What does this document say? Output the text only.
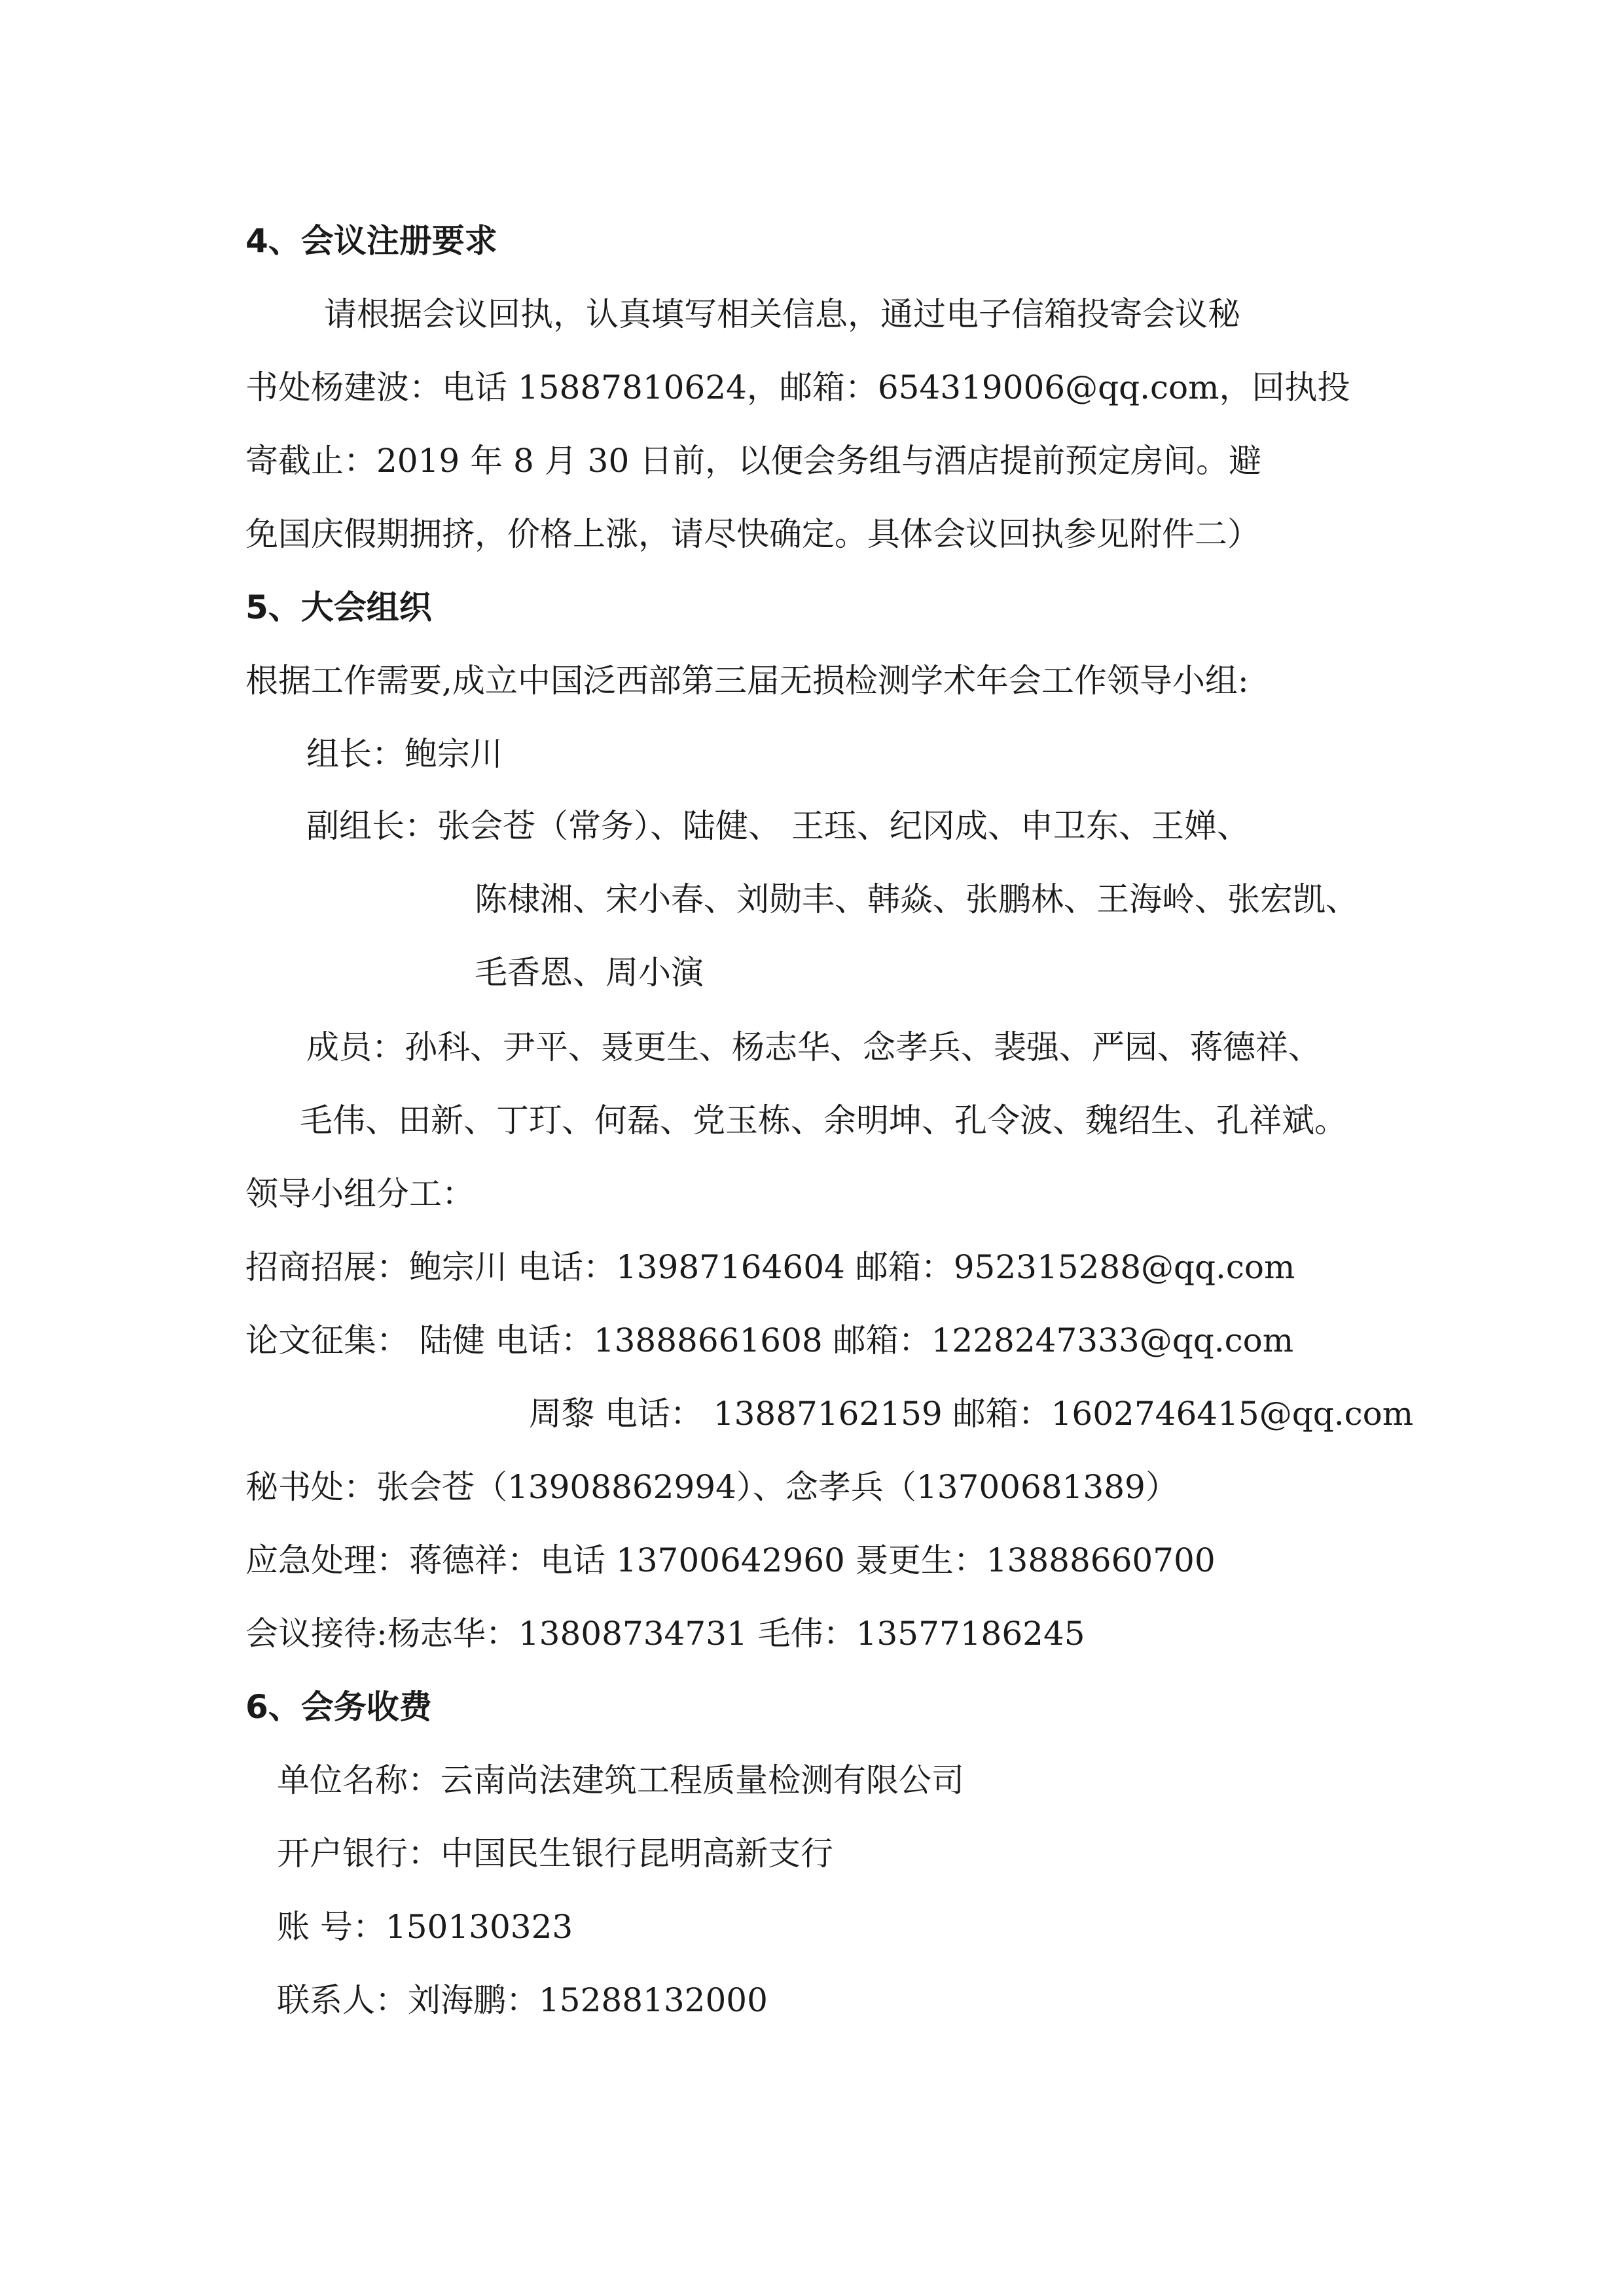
4、会议注册要求
请根据会议回执，认真填写相关信息，通过电子信箱投寄会议秘
书处杨建波：电话 15887810624，邮箱：654319006@qq.com，回执投
寄截止：2019 年 8 月 30 日前，以便会务组与酒店提前预定房间。避
免国庆假期拥挤，价格上涨，请尽快确定。具体会议回执参见附件二）
5、大会组织
根据工作需要,成立中国泛西部第三届无损检测学术年会工作领导小组:
组长：鲍宗川
副组长：张会苍（常务）、陆健、 王珏、纪冈成、申卫东、王婵、
陈棣湘、宋小春、刘勋丰、韩焱、张鹏林、王海岭、张宏凯、
毛香恩、周小演
成员：孙科、尹平、聂更生、杨志华、念孝兵、裴强、严园、蒋德祥、
毛伟、田新、丁玎、何磊、党玉栋、余明坤、孔令波、魏绍生、孔祥斌。
领导小组分工：
招商招展：鲍宗川 电话：13987164604 邮箱：952315288@qq.com
论文征集： 陆健 电话：13888661608 邮箱：1228247333@qq.com
周黎 电话： 13887162159 邮箱：1602746415@qq.com
秘书处：张会苍（13908862994）、念孝兵（13700681389）
应急处理：蒋德祥：电话 13700642960 聂更生：13888660700
会议接待:杨志华：13808734731 毛伟：13577186245
6、会务收费
单位名称：云南尚法建筑工程质量检测有限公司
开户银行：中国民生银行昆明高新支行
账 号：150130323
联系人：刘海鹏：15288132000
